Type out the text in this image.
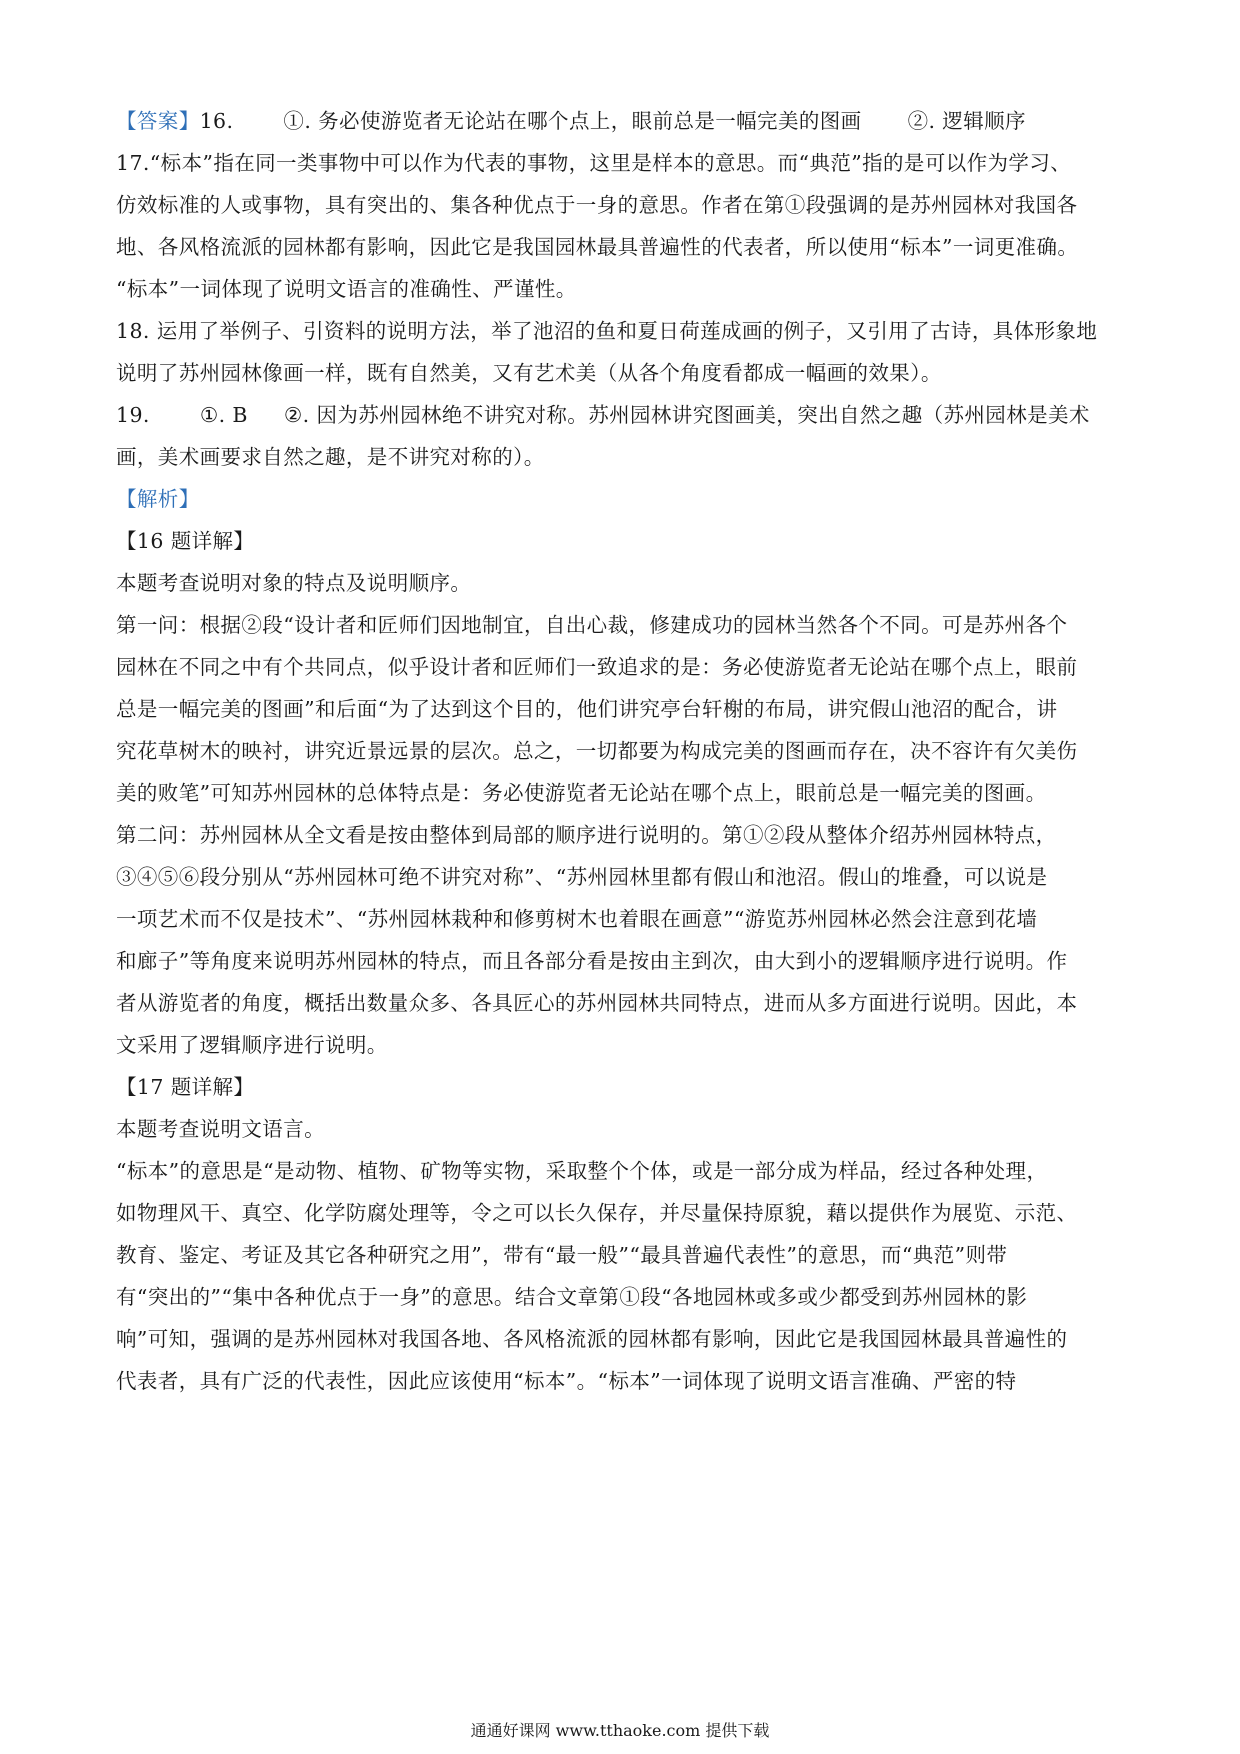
【答案】16. ①. 务必使游览者无论站在哪个点上，眼前总是一幅完美的图画 ②. 逻辑顺序
17.“标本”指在同一类事物中可以作为代表的事物，这里是样本的意思。而“典范”指的是可以作为学习、
仿效标准的人或事物，具有突出的、集各种优点于一身的意思。作者在第①段强调的是苏州园林对我国各
地、各风格流派的园林都有影响，因此它是我国园林最具普遍性的代表者，所以使用“标本”一词更准确。
“标本”一词体现了说明文语言的准确性、严谨性。
18. 运用了举例子、引资料的说明方法，举了池沼的鱼和夏日荷莲成画的例子，又引用了古诗，具体形象地
说明了苏州园林像画一样，既有自然美，又有艺术美（从各个角度看都成一幅画的效果）。
19. ①. B ②. 因为苏州园林绝不讲究对称。苏州园林讲究图画美，突出自然之趣（苏州园林是美术
画，美术画要求自然之趣，是不讲究对称的）。
【解析】
【16 题详解】
本题考查说明对象的特点及说明顺序。
第一问：根据②段“设计者和匠师们因地制宜，自出心裁，修建成功的园林当然各个不同。可是苏州各个
园林在不同之中有个共同点，似乎设计者和匠师们一致追求的是：务必使游览者无论站在哪个点上，眼前
总是一幅完美的图画”和后面“为了达到这个目的，他们讲究亭台轩榭的布局，讲究假山池沼的配合，讲
究花草树木的映衬，讲究近景远景的层次。总之，一切都要为构成完美的图画而存在，决不容许有欠美伤
美的败笔”可知苏州园林的总体特点是：务必使游览者无论站在哪个点上，眼前总是一幅完美的图画。
第二问：苏州园林从全文看是按由整体到局部的顺序进行说明的。第①②段从整体介绍苏州园林特点，
③④⑤⑥段分别从“苏州园林可绝不讲究对称”、“苏州园林里都有假山和池沼。假山的堆叠，可以说是
一项艺术而不仅是技术”、“苏州园林栽种和修剪树木也着眼在画意”“游览苏州园林必然会注意到花墙
和廊子”等角度来说明苏州园林的特点，而且各部分看是按由主到次，由大到小的逻辑顺序进行说明。作
者从游览者的角度，概括出数量众多、各具匠心的苏州园林共同特点，进而从多方面进行说明。因此，本
文采用了逻辑顺序进行说明。
【17 题详解】
本题考查说明文语言。
“标本”的意思是“是动物、植物、矿物等实物，采取整个个体，或是一部分成为样品，经过各种处理，
如物理风干、真空、化学防腐处理等，令之可以长久保存，并尽量保持原貌，藉以提供作为展览、示范、
教育、鉴定、考证及其它各种研究之用”，带有“最一般”“最具普遍代表性”的意思，而“典范”则带
有“突出的”“集中各种优点于一身”的意思。结合文章第①段“各地园林或多或少都受到苏州园林的影
响”可知，强调的是苏州园林对我国各地、各风格流派的园林都有影响，因此它是我国园林最具普遍性的
代表者，具有广泛的代表性，因此应该使用“标本”。“标本”一词体现了说明文语言准确、严密的特
通通好课网 www.tthaoke.com 提供下载
